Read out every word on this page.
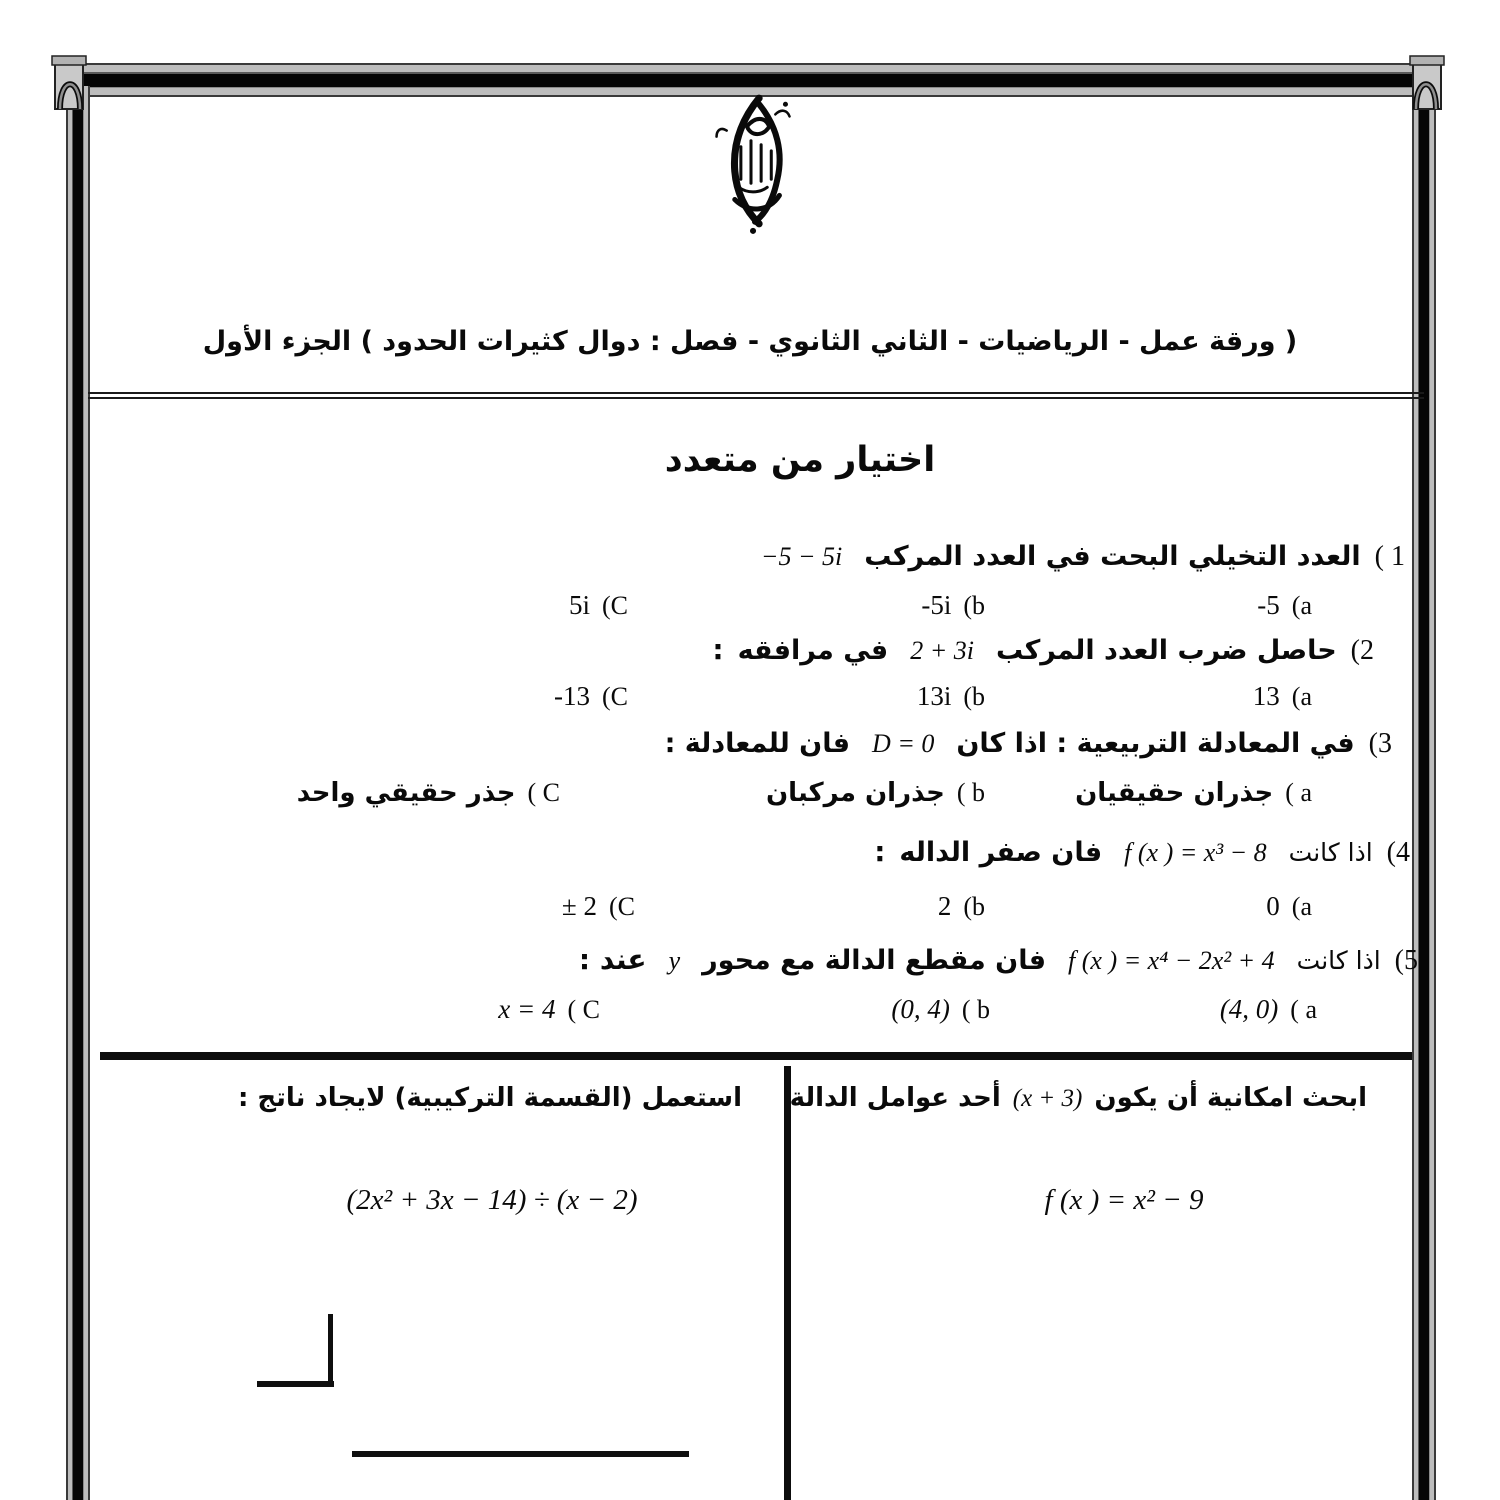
( ورقة عمل - الرياضيات - الثاني الثانوي - فصل : دوال كثيرات الحدود ) الجزء الأول
اختيار من متعدد
( 1
العدد التخيلي البحت في العدد المركب
−5 − 5i
-5 (a
-5i (b
5i (C
(2
حاصل ضرب العدد المركب
2 + 3i
في مرافقه
:
13 (a
13i (b
-13 (C
(3
في المعادلة التربيعية : اذا كان
D = 0
فان للمعادلة :
جذران حقيقيان ( a
جذران مركبان ( b
جذر حقيقي واحد ( C
(4
اذا كانت
f (x ) = x³ − 8
فان صفر الداله
:
0 (a
2 (b
± 2 (C
(5
اذا كانت
f (x ) = x⁴ − 2x² + 4
فان مقطع الدالة مع محور
y
عند :
(4, 0) ( a
(0, 4) ( b
x = 4 ( C
ابحث امكانية أن يكون
(x + 3)
أحد عوامل الدالة
استعمل (القسمة التركيبية) لايجاد ناتج :
f (x ) = x² − 9
(2x² + 3x − 14) ÷ (x − 2)
